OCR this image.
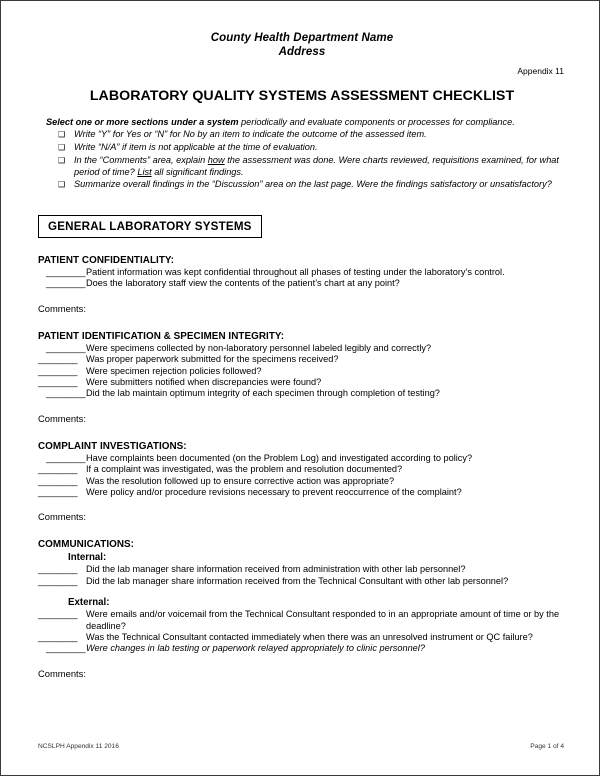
County Health Department Name
Address
Appendix 11
LABORATORY QUALITY SYSTEMS ASSESSMENT CHECKLIST
Select one or more sections under a system periodically and evaluate components or processes for compliance.
❑ Write “Y” for Yes or “N” for No by an item to indicate the outcome of the assessed item.
❑ Write “N/A” if item is not applicable at the time of evaluation.
❑ In the “Comments” area, explain how the assessment was done. Were charts reviewed, requisitions examined, for what period of time? List all significant findings.
❑ Summarize overall findings in the “Discussion” area on the last page. Were the findings satisfactory or unsatisfactory?
GENERAL LABORATORY SYSTEMS
PATIENT CONFIDENTIALITY:
________ Patient information was kept confidential throughout all phases of testing under the laboratory’s control.
________ Does the laboratory staff view the contents of the patient’s chart at any point?
Comments:
PATIENT IDENTIFICATION & SPECIMEN INTEGRITY:
________ Were specimens collected by non-laboratory personnel labeled legibly and correctly?
________ Was proper paperwork submitted for the specimens received?
________ Were specimen rejection policies followed?
________ Were submitters notified when discrepancies were found?
________ Did the lab maintain optimum integrity of each specimen through completion of testing?
Comments:
COMPLAINT INVESTIGATIONS:
________ Have complaints been documented (on the Problem Log) and investigated according to policy?
________ If a complaint was investigated, was the problem and resolution documented?
________ Was the resolution followed up to ensure corrective action was appropriate?
________ Were policy and/or procedure revisions necessary to prevent reoccurrence of the complaint?
Comments:
COMMUNICATIONS:
Internal:
________ Did the lab manager share information received from administration with other lab personnel?
________ Did the lab manager share information received from the Technical Consultant with other lab personnel?
External:
________ Were emails and/or voicemail from the Technical Consultant responded to in an appropriate amount of time or by the deadline?
________ Was the Technical Consultant contacted immediately when there was an unresolved instrument or QC failure?
________ Were changes in lab testing or paperwork relayed appropriately to clinic personnel?
Comments:
NCSLPH Appendix 11 2016	Page 1 of 4
